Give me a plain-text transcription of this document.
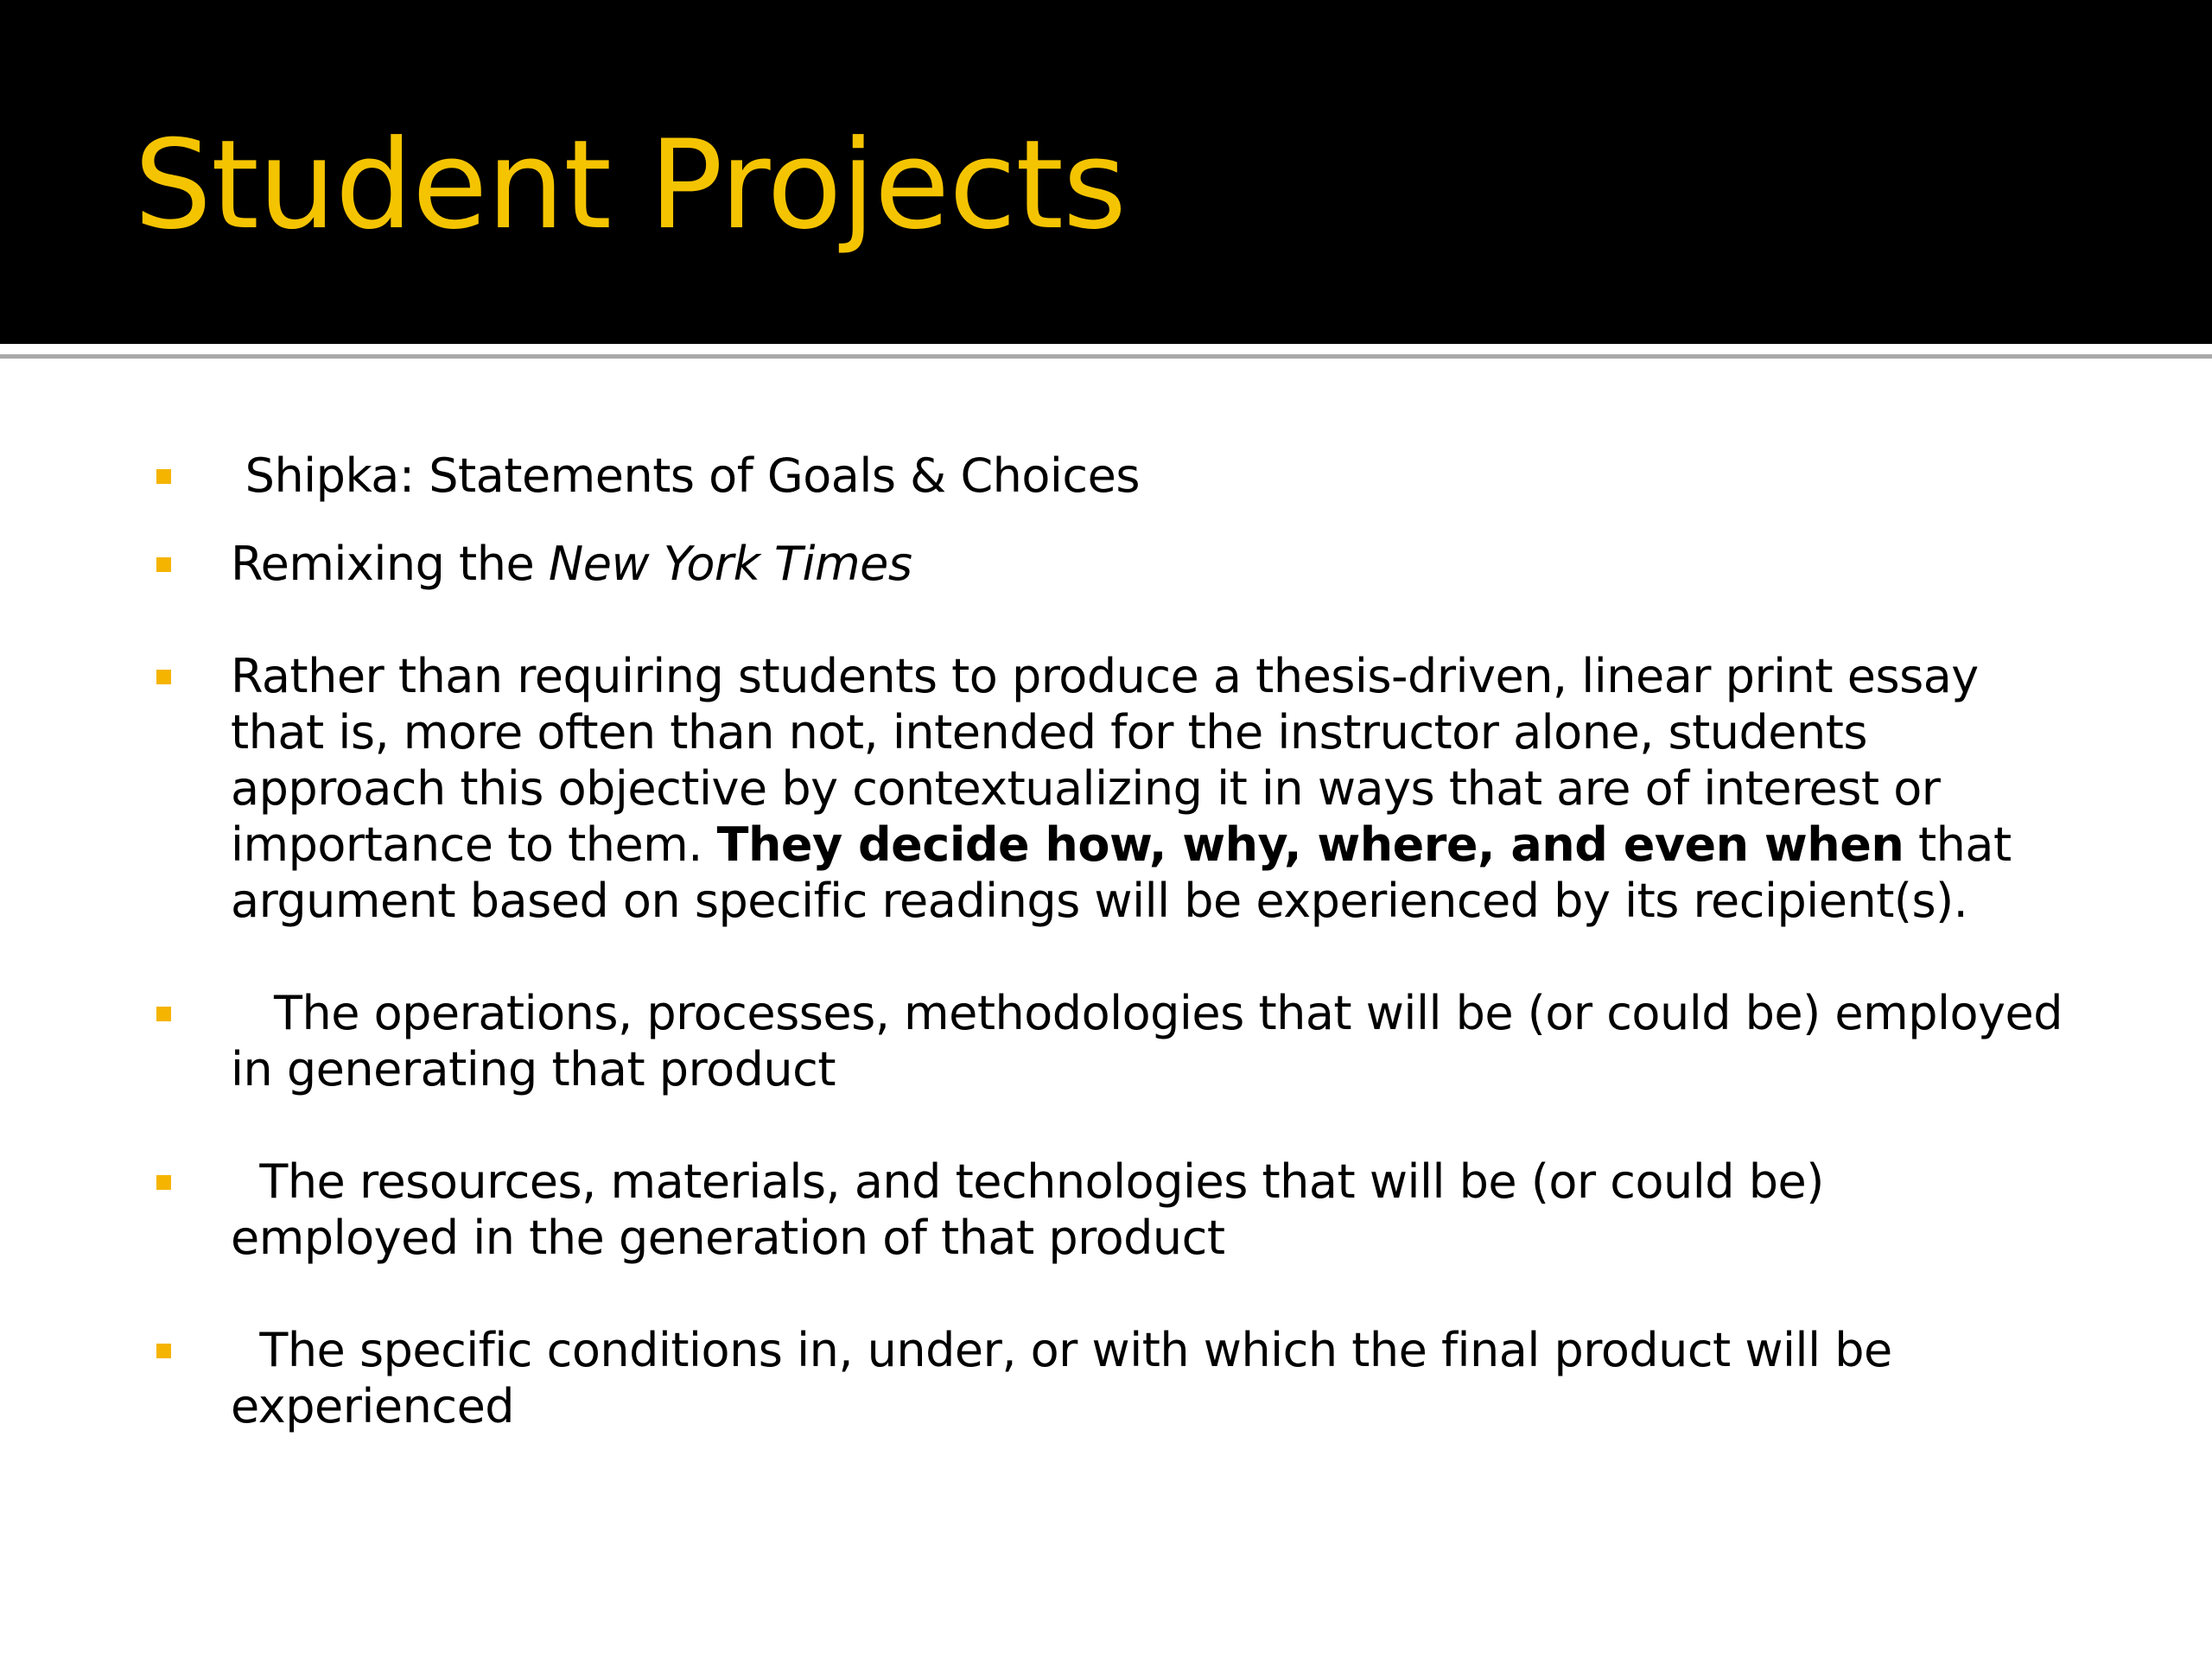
Student Projects

Shipka: Statements of Goals & Choices

Remixing the New York Times

Rather than requiring students to produce a thesis-driven, linear print essay that is, more often than not, intended for the instructor alone, students approach this objective by contextualizing it in ways that are of interest or importance to them. They decide how, why, where, and even when that argument based on specific readings will be experienced by its recipient(s).

The operations, processes, methodologies that will be (or could be) employed in generating that product

The resources, materials, and technologies that will be (or could be) employed in the generation of that product

The specific conditions in, under, or with which the final product will be experienced
